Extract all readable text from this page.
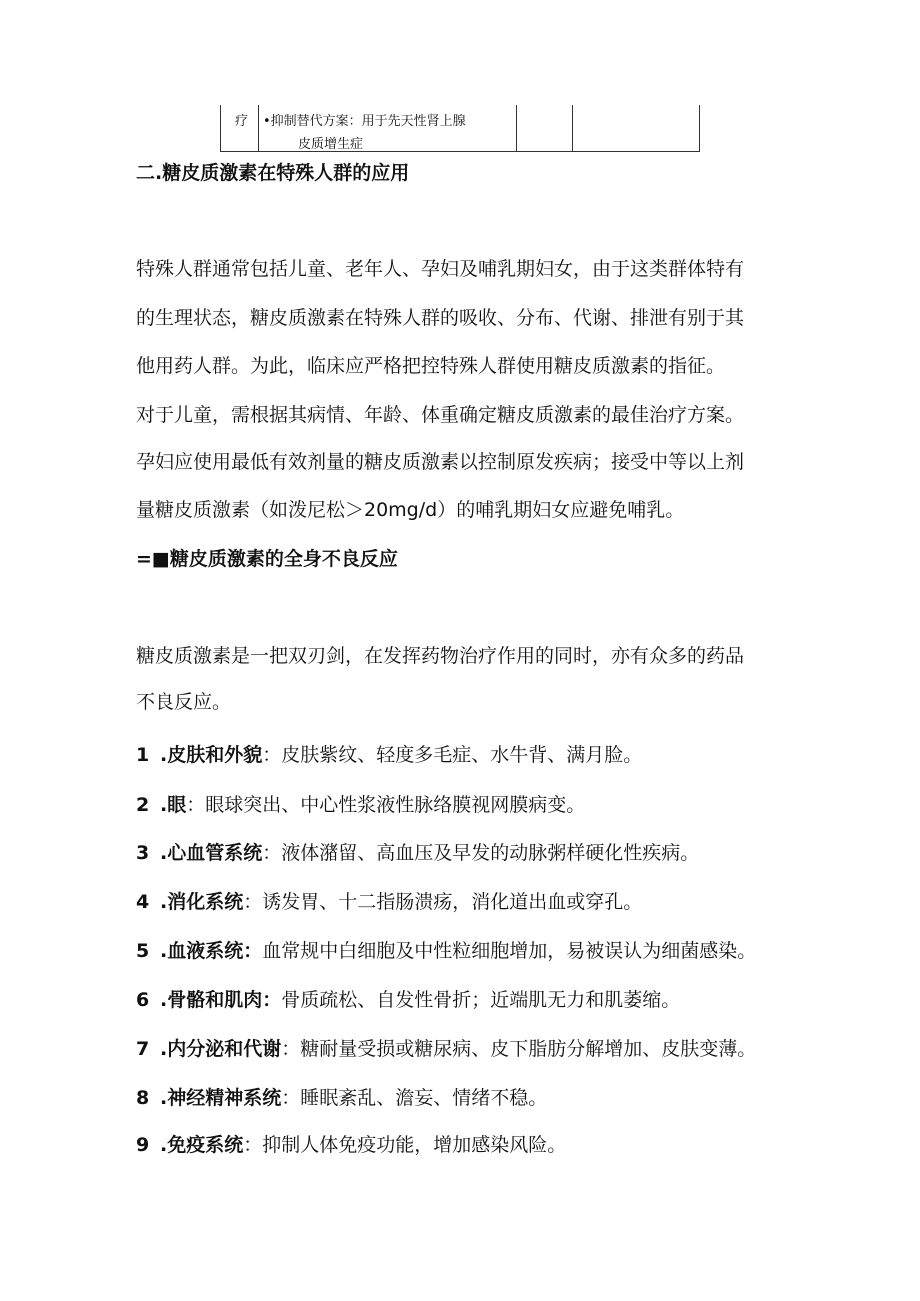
疗 •抑制替代方案：用于先天性肾上腺
皮质增生症
二.糖皮质激素在特殊人群的应用
特殊人群通常包括儿童、老年人、孕妇及哺乳期妇女，由于这类群体特有
的生理状态，糖皮质激素在特殊人群的吸收、分布、代谢、排泄有别于其
他用药人群。为此，临床应严格把控特殊人群使用糖皮质激素的指征。
对于儿童，需根据其病情、年龄、体重确定糖皮质激素的最佳治疗方案。
孕妇应使用最低有效剂量的糖皮质激素以控制原发疾病；接受中等以上剂
量糖皮质激素（如泼尼松＞20mg∕d）的哺乳期妇女应避免哺乳。
=■糖皮质激素的全身不良反应
糖皮质激素是一把双刃剑，在发挥药物治疗作用的同时，亦有众多的药品
不良反应。
1 .皮肤和外貌：皮肤紫纹、轻度多毛症、水牛背、满月脸。
2 .眼：眼球突出、中心性浆液性脉络膜视网膜病变。
3 .心血管系统：液体潴留、高血压及早发的动脉粥样硬化性疾病。
4 .消化系统：诱发胃、十二指肠溃疡，消化道出血或穿孔。
5 .血液系统：血常规中白细胞及中性粒细胞增加，易被误认为细菌感染。
6 .骨骼和肌肉：骨质疏松、自发性骨折；近端肌无力和肌萎缩。
7 .内分泌和代谢：糖耐量受损或糖尿病、皮下脂肪分解增加、皮肤变薄。
8 .神经精神系统：睡眠紊乱、澹妄、情绪不稳。
9 .免疫系统：抑制人体免疫功能，增加感染风险。
